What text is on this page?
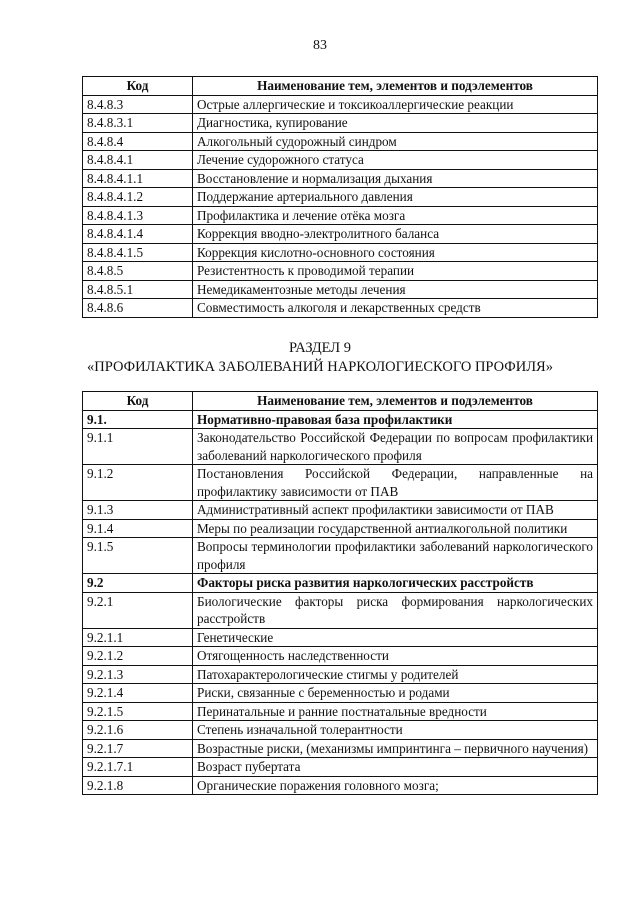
83
Код	Наименование тем, элементов и подэлементов
8.4.8.3	Острые аллергические и токсикоаллергические реакции
8.4.8.3.1	Диагностика, купирование
8.4.8.4	Алкогольный судорожный синдром
8.4.8.4.1	Лечение судорожного статуса
8.4.8.4.1.1	Восстановление и нормализация дыхания
8.4.8.4.1.2	Поддержание артериального давления
8.4.8.4.1.3	Профилактика и лечение отёка мозга
8.4.8.4.1.4	Коррекция вводно-электролитного баланса
8.4.8.4.1.5	Коррекция кислотно-основного состояния
8.4.8.5	Резистентность к проводимой терапии
8.4.8.5.1	Немедикаментозные методы лечения
8.4.8.6	Совместимость алкоголя и лекарственных средств
РАЗДЕЛ 9
«ПРОФИЛАКТИКА ЗАБОЛЕВАНИЙ НАРКОЛОГИЕСКОГО ПРОФИЛЯ»
Код	Наименование тем, элементов и подэлементов
9.1.	Нормативно-правовая база профилактики
9.1.1	Законодательство Российской Федерации по вопросам профилактики заболеваний наркологического профиля
9.1.2	Постановления Российской Федерации, направленные на профилактику зависимости от ПАВ
9.1.3	Административный аспект профилактики зависимости от ПАВ
9.1.4	Меры по реализации государственной антиалкогольной политики
9.1.5	Вопросы терминологии профилактики заболеваний наркологического профиля
9.2	Факторы риска развития наркологических расстройств
9.2.1	Биологические факторы риска формирования наркологических расстройств
9.2.1.1	Генетические
9.2.1.2	Отягощенность наследственности
9.2.1.3	Патохарактерологические стигмы у родителей
9.2.1.4	Риски, связанные с беременностью и родами
9.2.1.5	Перинатальные и ранние постнатальные вредности
9.2.1.6	Степень изначальной толерантности
9.2.1.7	Возрастные риски, (механизмы импринтинга – первичного научения)
9.2.1.7.1	Возраст пубертата
9.2.1.8	Органические поражения головного мозга;
